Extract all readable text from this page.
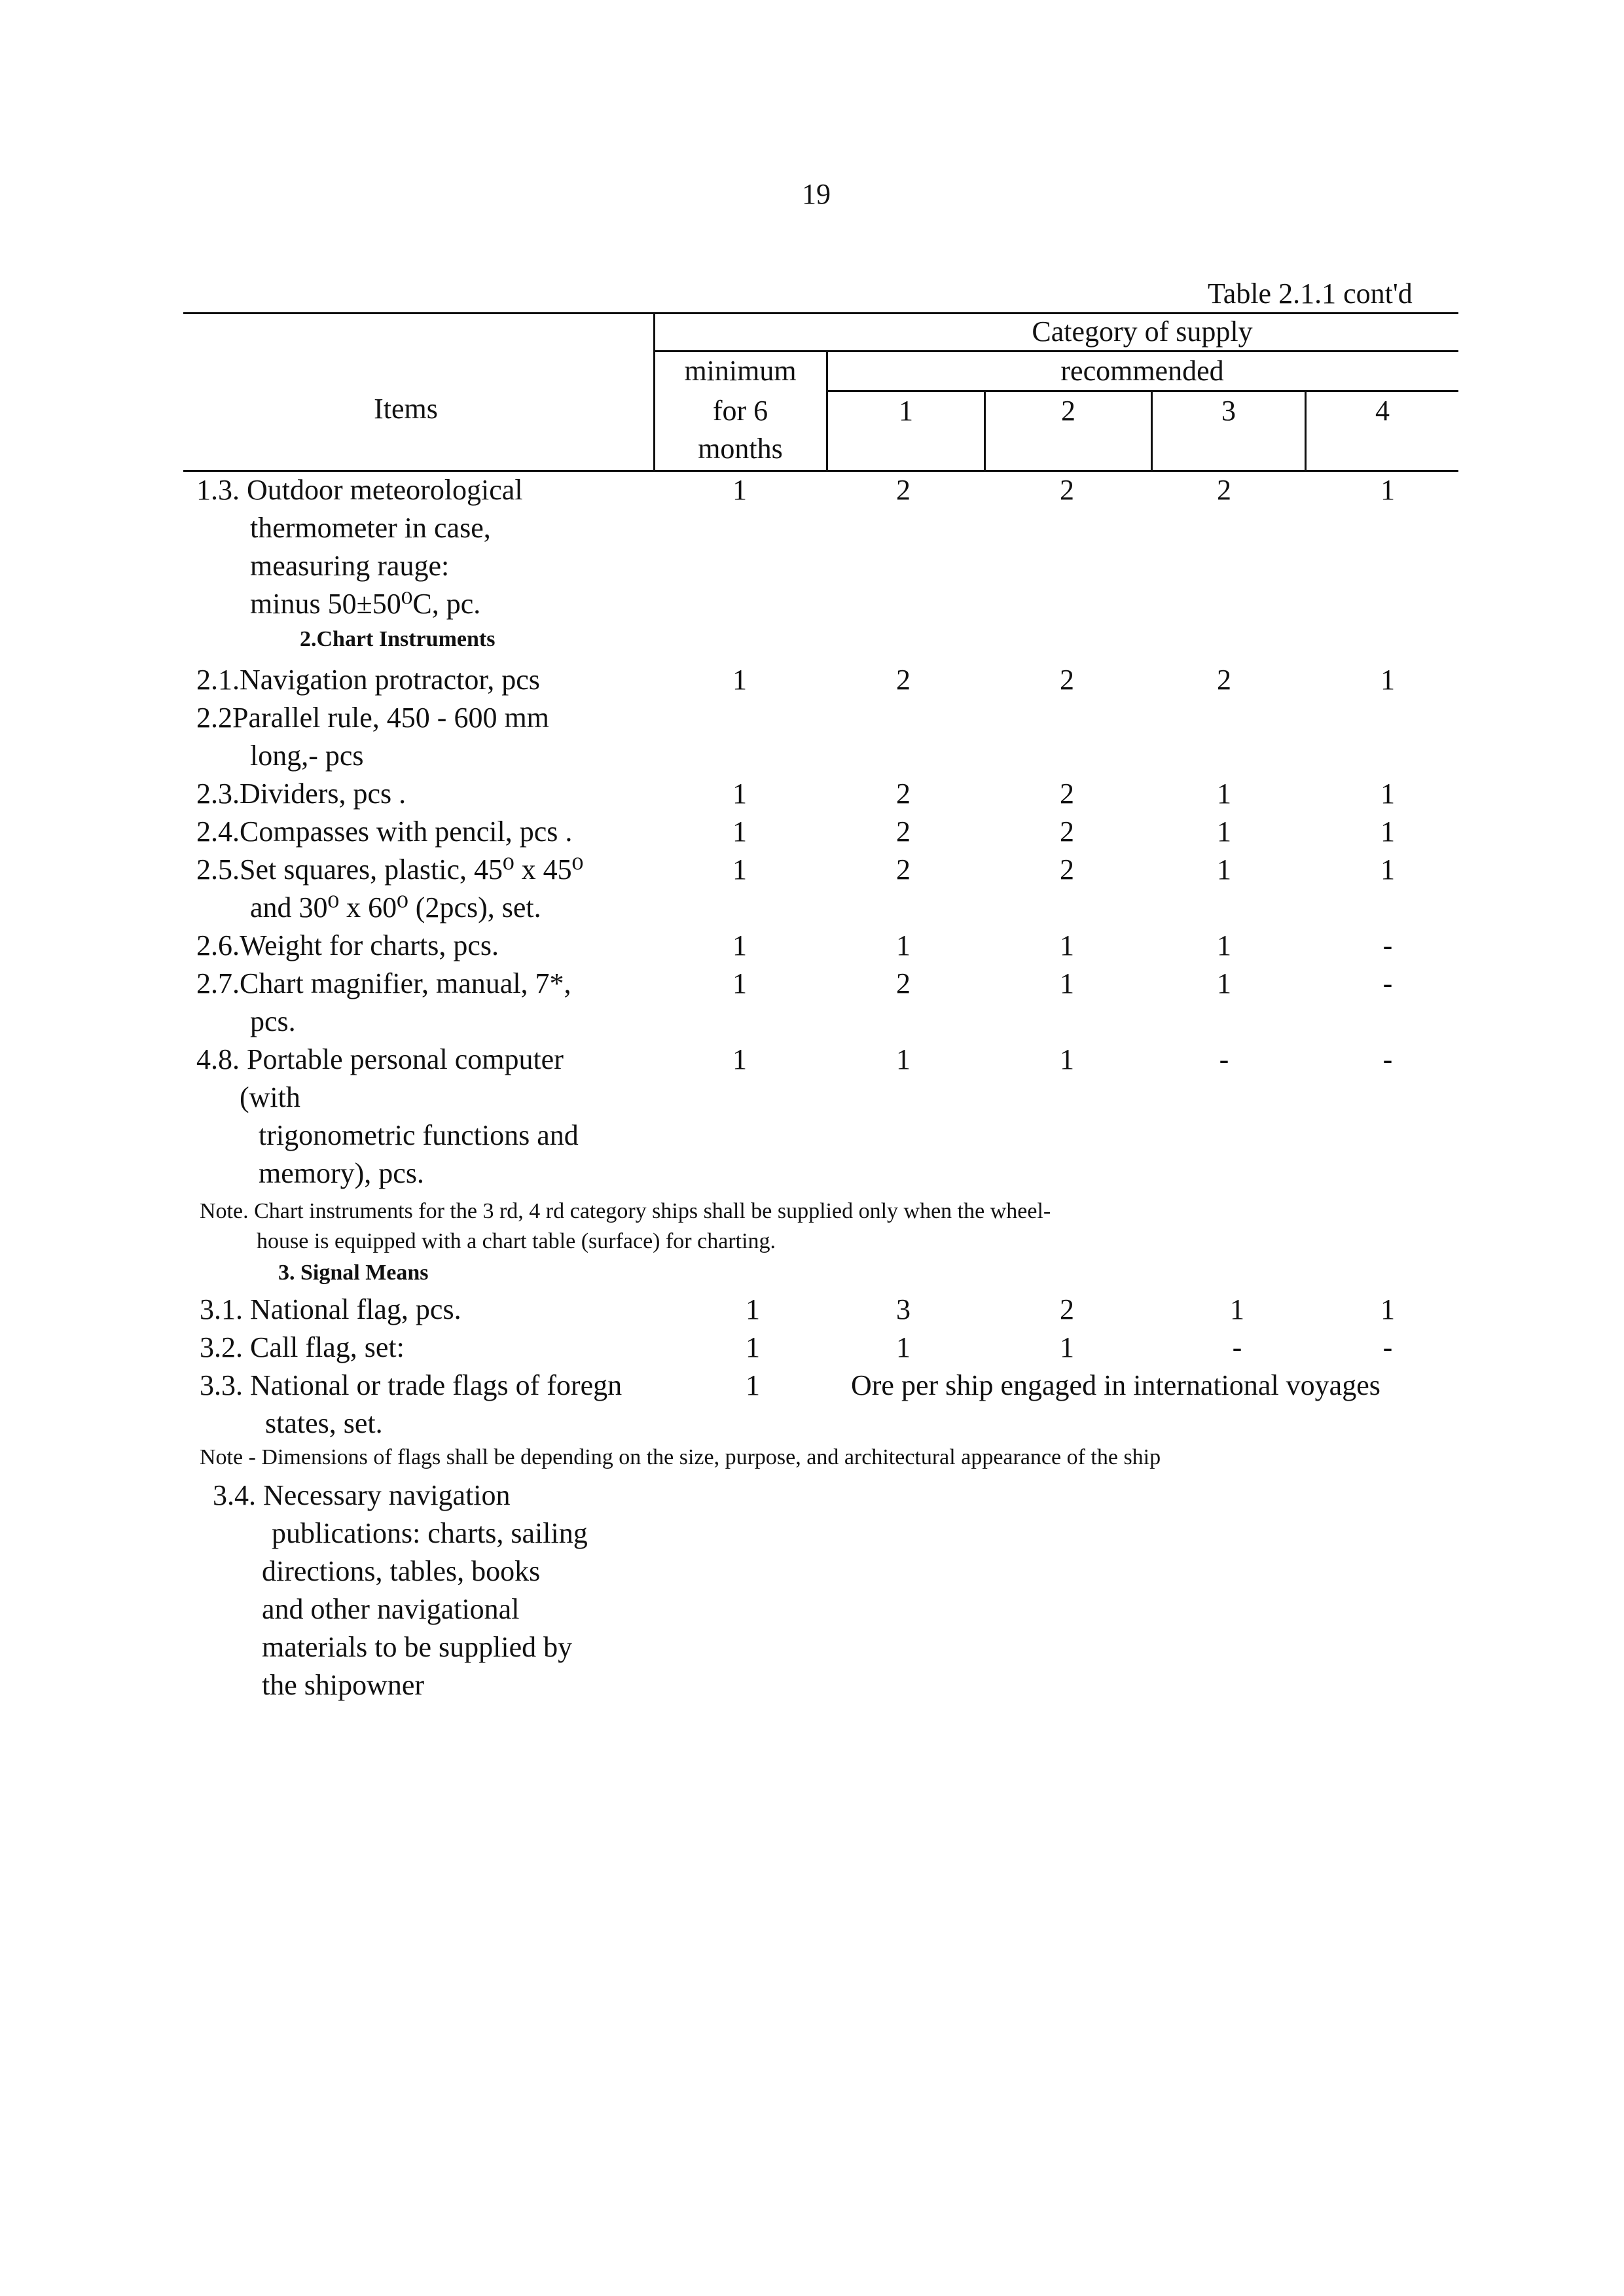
19
Table 2.1.1 cont'd
Items
Category of supply
minimum
for 6
months
recommended
1	2	3	4
1.3. Outdoor meteorological
thermometer in case,
measuring rauge:
minus 50±50⁰C, pc.
1	2	2	2	1
2.Chart Instruments
2.1.Navigation protractor, pcs	1	2	2	2	1
2.2Parallel rule, 450 - 600 mm
long,- pcs
2.3.Dividers, pcs .	1	2	2	1	1
2.4.Compasses with pencil, pcs .	1	2	2	1	1
2.5.Set squares, plastic, 45⁰ x 45⁰
and 30⁰ x 60⁰ (2pcs), set.
1	2	2	1	1
2.6.Weight for charts, pcs.	1	1	1	1	-
2.7.Chart magnifier, manual, 7*,
pcs.
1	2	1	1	-
4.8. Portable personal computer
(with
trigonometric functions and
memory), pcs.
1	1	1	-	-
Note. Chart instruments for the 3 rd, 4 rd category ships shall be supplied only when the wheel-
house is equipped with a chart table (surface) for charting.
3. Signal Means
3.1. National flag, pcs.	1	3	2	1	1
3.2. Call flag, set:	1	1	1	-	-
3.3. National or trade flags of foregn
states, set.
1	Ore per ship engaged in international voyages
Note - Dimensions of flags shall be depending on the size, purpose, and architectural appearance of the ship
3.4. Necessary navigation
publications: charts, sailing
directions, tables, books
and other navigational
materials to be supplied by
the shipowner
